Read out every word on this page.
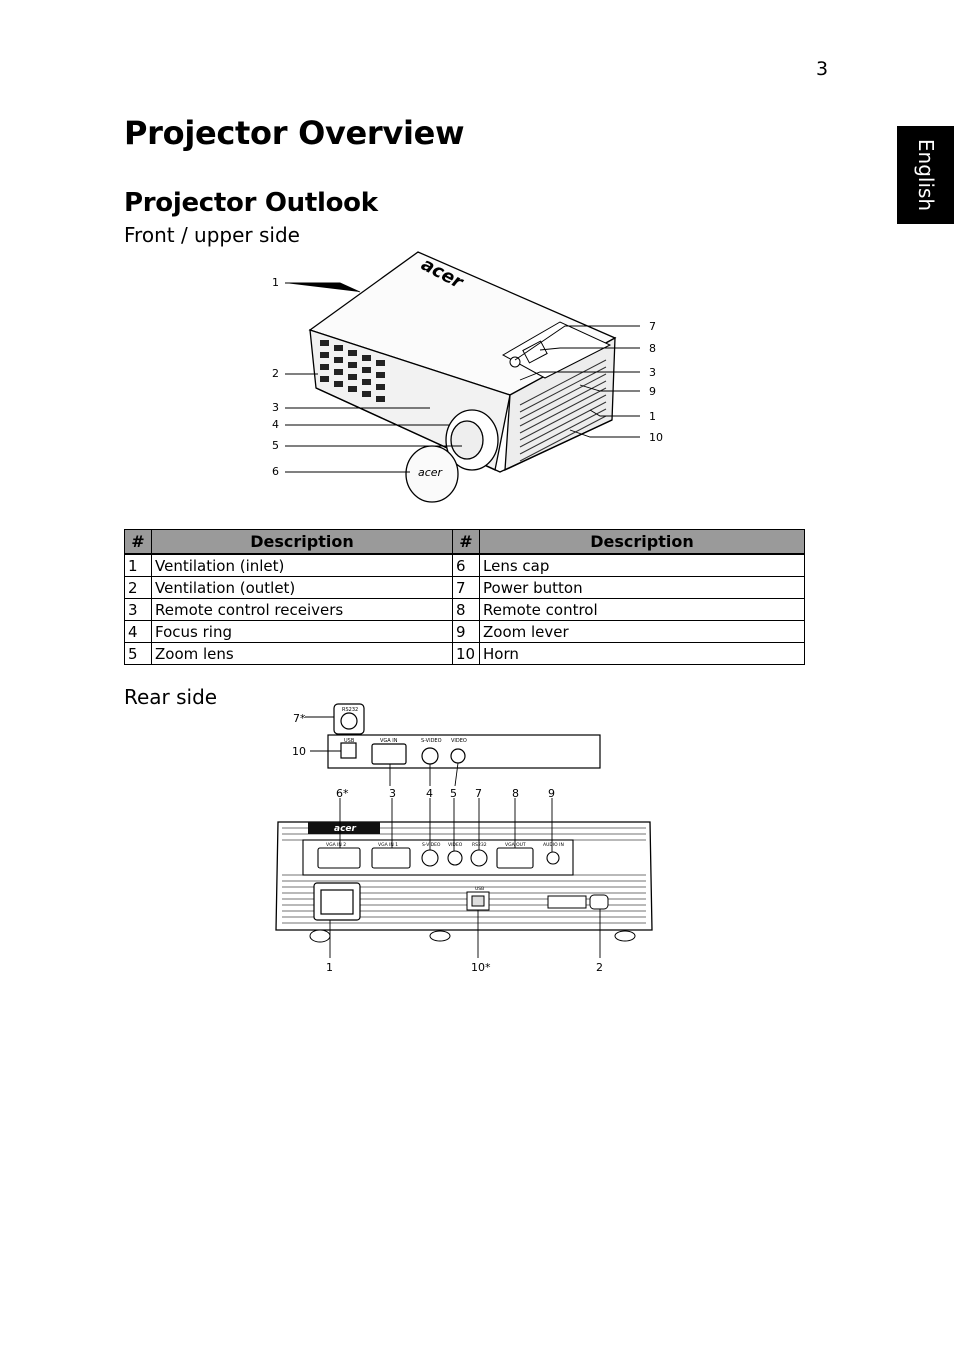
3
English
Projector Overview
Projector Outlook
Front / upper side
acer
acer
1
2
3
4
5
6
7
8
3
9
1
10
#	Description	#	Description
1	Ventilation (inlet)	6	Lens cap
2	Ventilation (outlet)	7	Power button
3	Remote control receivers	8	Remote control
4	Focus ring	9	Zoom lever
5	Zoom lens	10	Horn
Rear side
RS232
USB	VGA IN	S-VIDEO VIDEO
7*
10
6*	3	4 5 7	8	9
acer
VGA IN 2	VGA IN 1	S-VIDEO VIDEO RS232	VGA OUT	AUDIO IN
USB
1	10*	2
